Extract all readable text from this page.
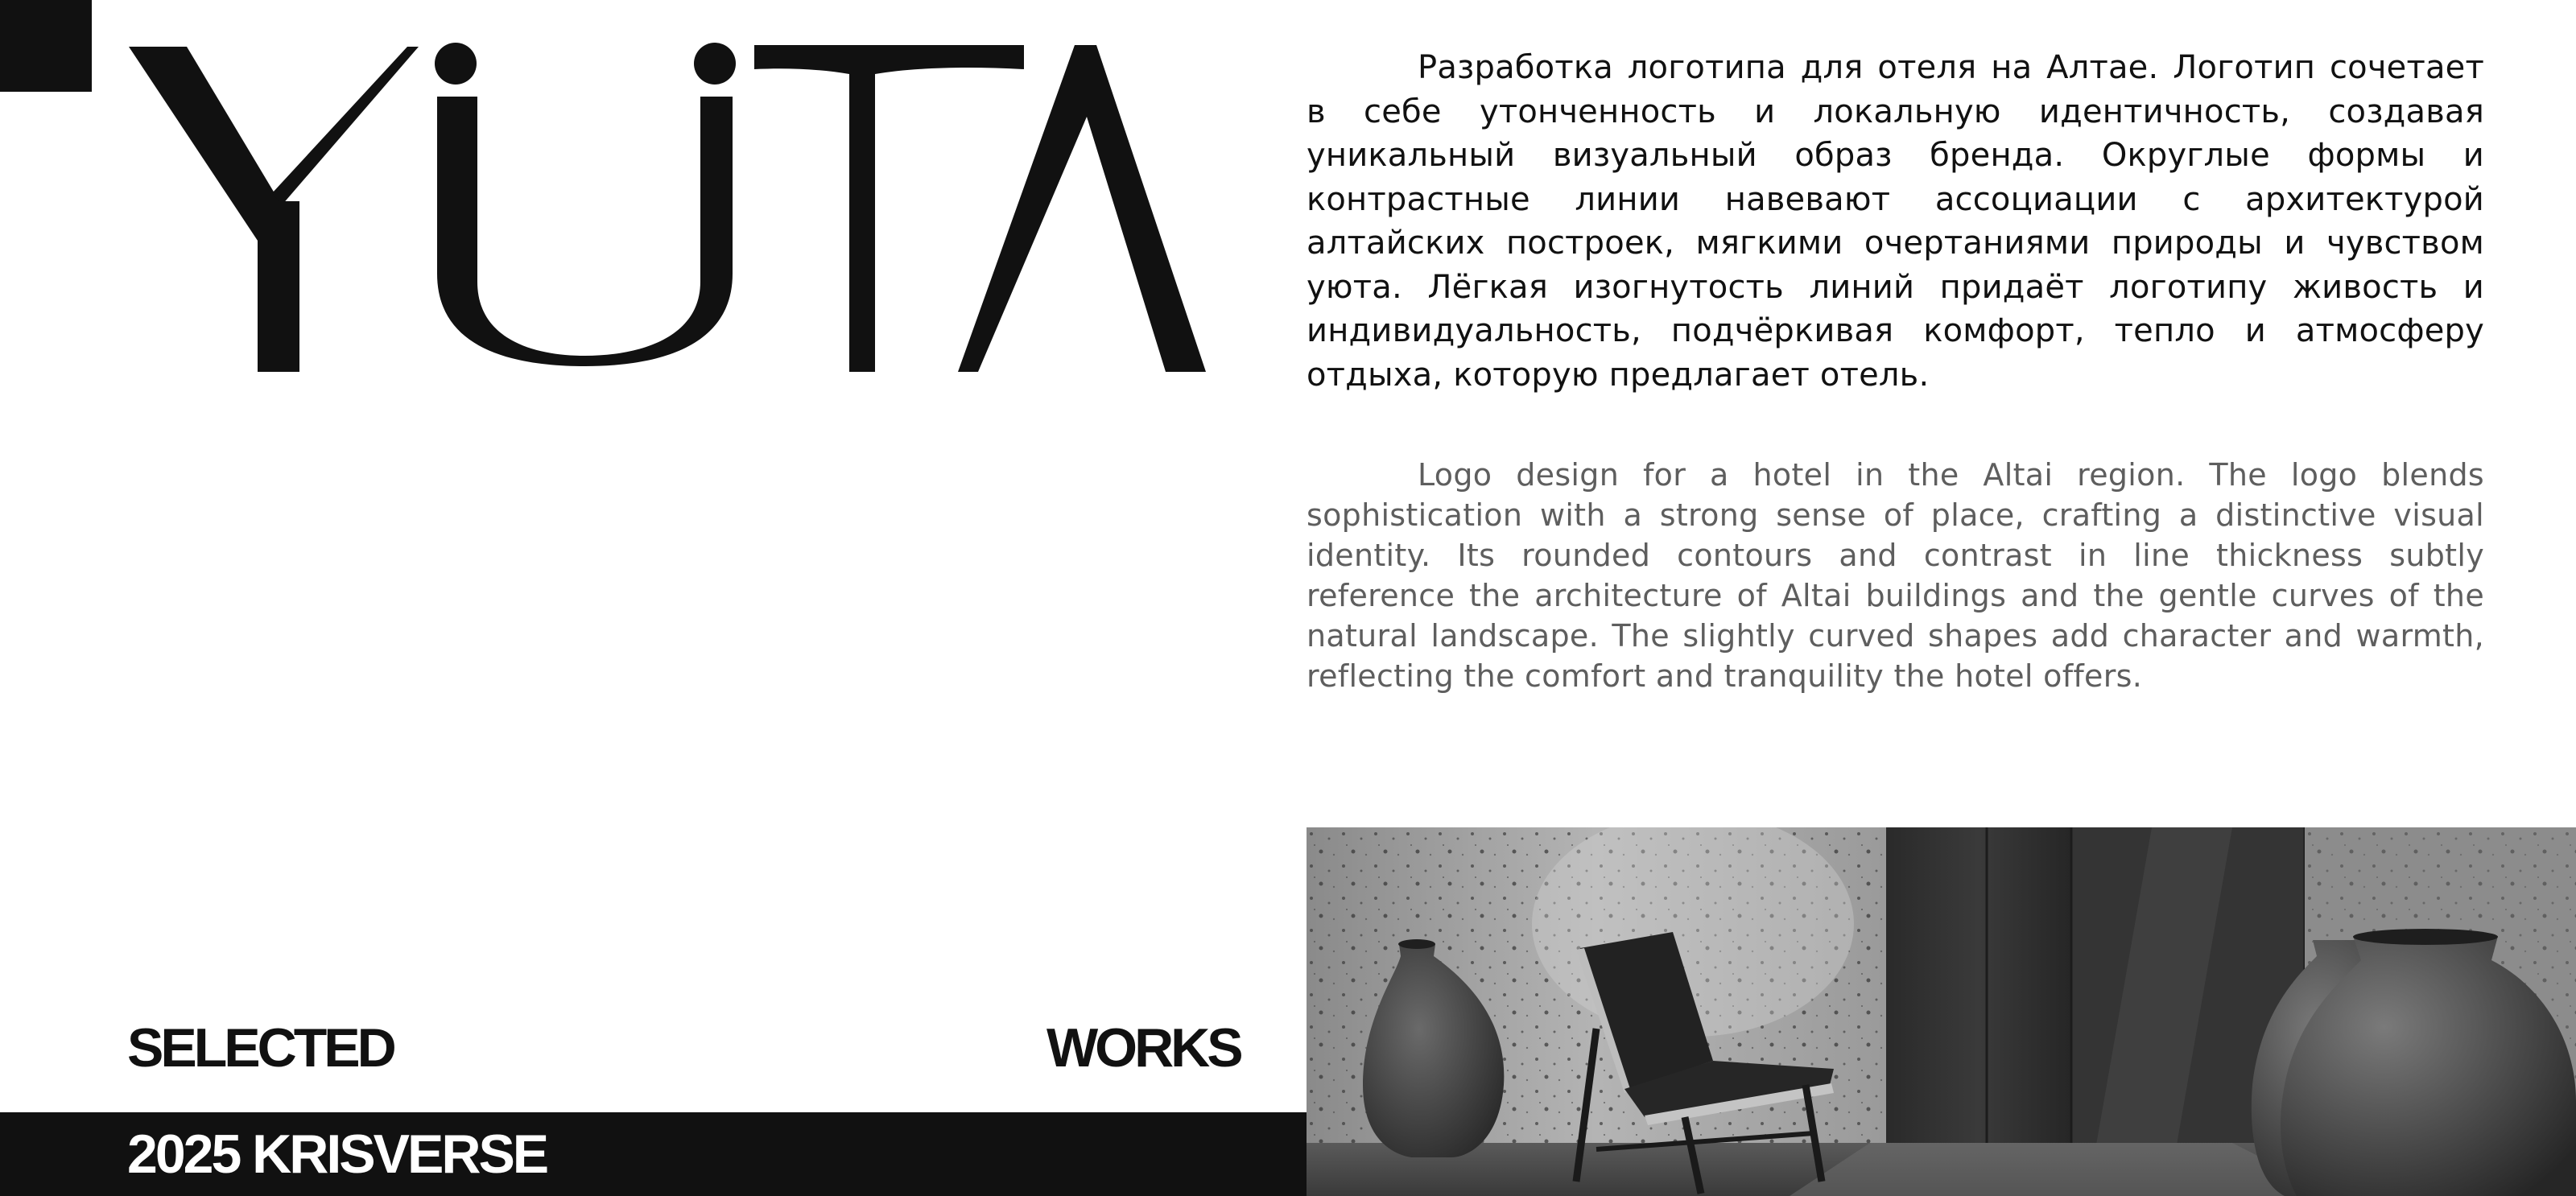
Разработка логотипа для отеля на Алтае. Логотип сочетает в себе утонченность и локальную идентичность, создавая уникальный визуальный образ бренда. Округлые формы и контрастные линии навевают ассоциации с архитектурой алтайских построек, мягкими очертаниями природы и чувством уюта. Лёгкая изогнутость линий придаёт логотипу живость и индивидуальность, подчёркивая комфорт, тепло и атмосферу отдыха, которую предлагает отель.

Logo design for a hotel in the Altai region. The logo blends sophistication with a strong sense of place, crafting a distinctive visual identity. Its rounded contours and contrast in line thickness subtly reference the architecture of Altai buildings and the gentle curves of the natural landscape. The slightly curved shapes add character and warmth, reflecting the comfort and tranquility the hotel offers.

SELECTED	WORKS
2025 KRISVERSE
